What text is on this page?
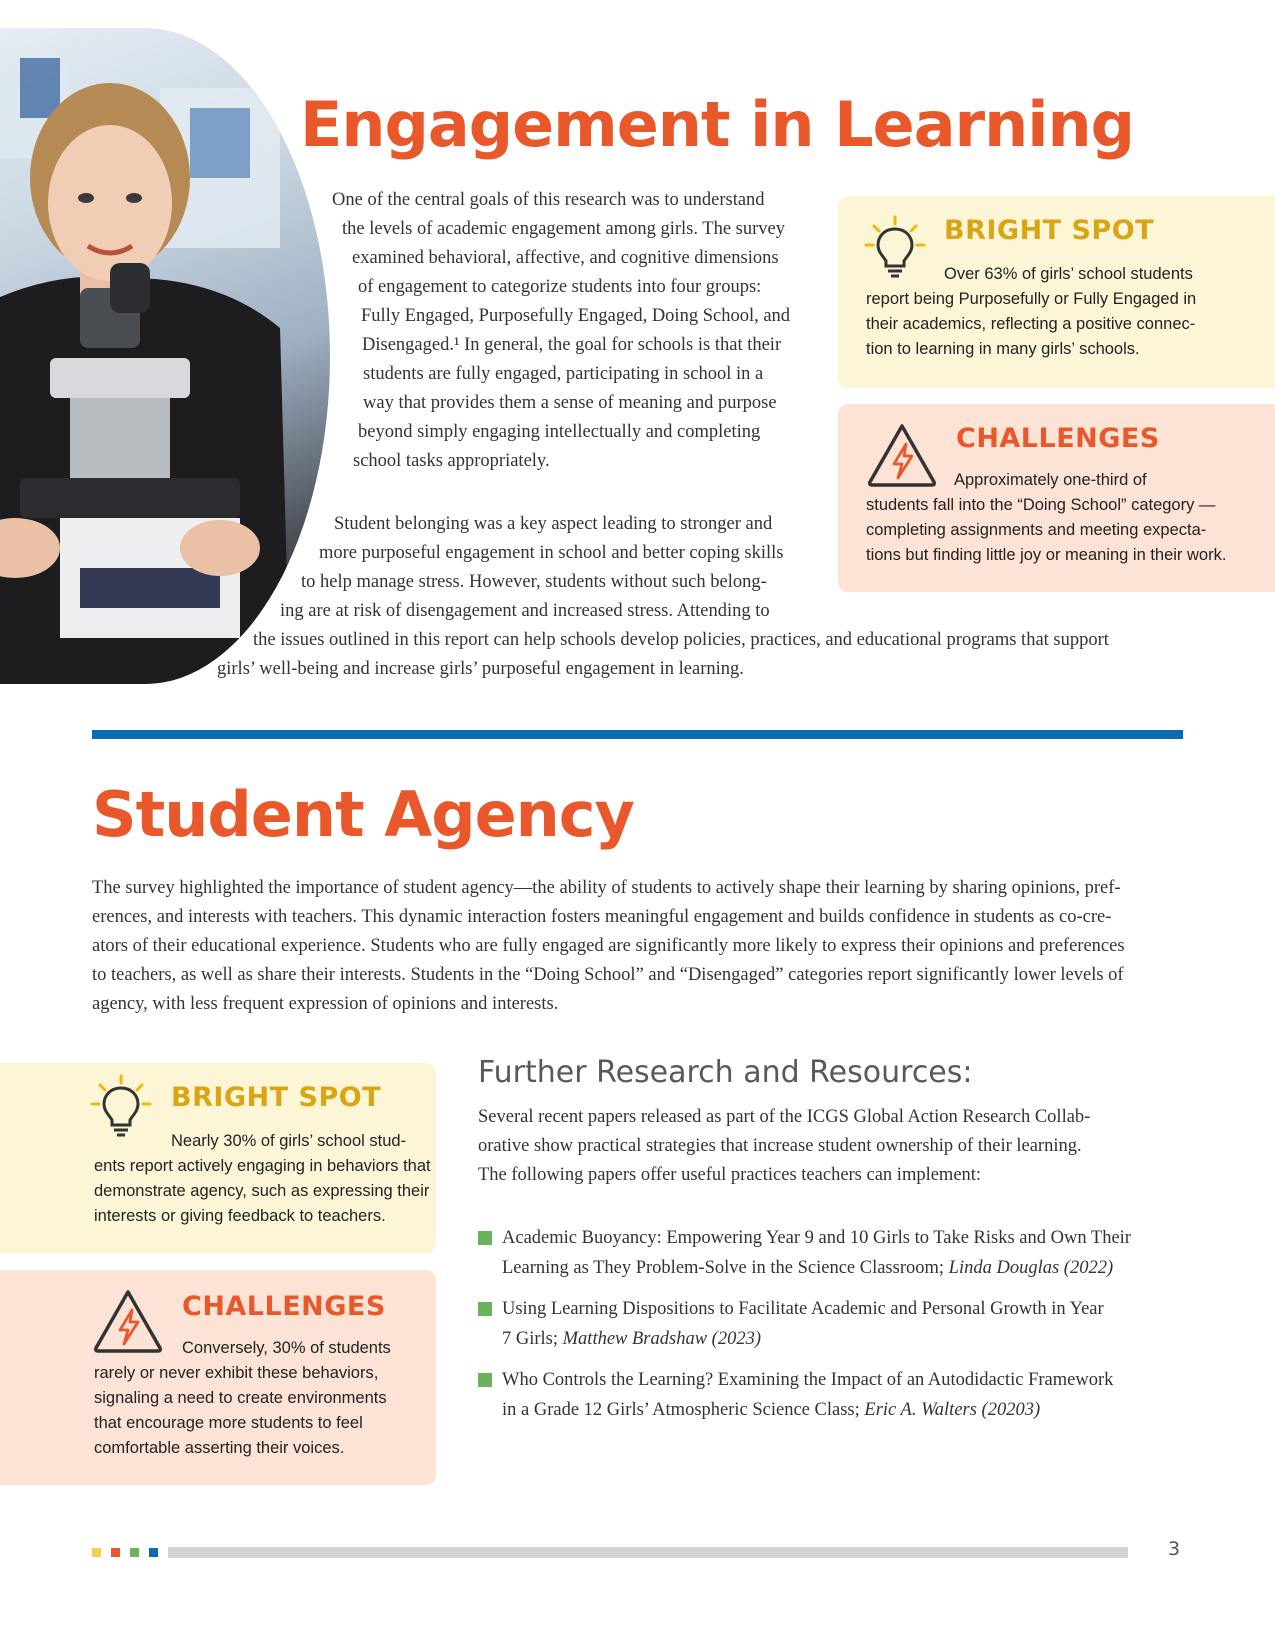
Engagement in Learning
One of the central goals of this research was to understand
the levels of academic engagement among girls. The survey
examined behavioral, affective, and cognitive dimensions
of engagement to categorize students into four groups:
Fully Engaged, Purposefully Engaged, Doing School, and
Disengaged.¹ In general, the goal for schools is that their
students are fully engaged, participating in school in a
way that provides them a sense of meaning and purpose
beyond simply engaging intellectually and completing
school tasks appropriately.
Student belonging was a key aspect leading to stronger and
more purposeful engagement in school and better coping skills
to help manage stress. However, students without such belong-
ing are at risk of disengagement and increased stress. Attending to
the issues outlined in this report can help schools develop policies, practices, and educational programs that support
girls’ well-being and increase girls’ purposeful engagement in learning.
BRIGHT SPOT
Over 63% of girls’ school students
report being Purposefully or Fully Engaged in
their academics, reflecting a positive connec-
tion to learning in many girls’ schools.
CHALLENGES
Approximately one-third of
students fall into the “Doing School” category —
completing assignments and meeting expecta-
tions but finding little joy or meaning in their work.
Student Agency
The survey highlighted the importance of student agency—the ability of students to actively shape their learning by sharing opinions, pref-
erences, and interests with teachers. This dynamic interaction fosters meaningful engagement and builds confidence in students as co-cre-
ators of their educational experience. Students who are fully engaged are significantly more likely to express their opinions and preferences
to teachers, as well as share their interests. Students in the “Doing School” and “Disengaged” categories report significantly lower levels of
agency, with less frequent expression of opinions and interests.
BRIGHT SPOT
Nearly 30% of girls’ school stud-
ents report actively engaging in behaviors that
demonstrate agency, such as expressing their
interests or giving feedback to teachers.
CHALLENGES
Conversely, 30% of students
rarely or never exhibit these behaviors,
signaling a need to create environments
that encourage more students to feel
comfortable asserting their voices.
Further Research and Resources:
Several recent papers released as part of the ICGS Global Action Research Collab-
orative show practical strategies that increase student ownership of their learning.
The following papers offer useful practices teachers can implement:
Academic Buoyancy: Empowering Year 9 and 10 Girls to Take Risks and Own Their
Learning as They Problem-Solve in the Science Classroom; Linda Douglas (2022)
Using Learning Dispositions to Facilitate Academic and Personal Growth in Year
7 Girls; Matthew Bradshaw (2023)
Who Controls the Learning? Examining the Impact of an Autodidactic Framework
in a Grade 12 Girls’ Atmospheric Science Class; Eric A. Walters (20203)
3
